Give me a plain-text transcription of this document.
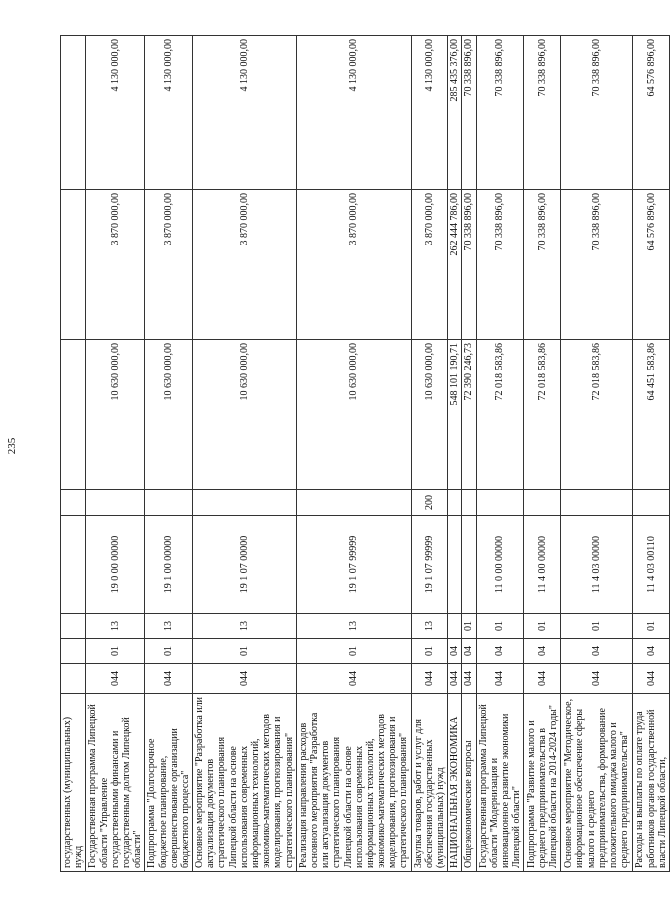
235
государственных (муниципальных) нужд								
Государственная программа Липецкой области "Управление государственными финансами и государственным долгом Липецкой области"	044	01	13	19 0 00 00000		10 630 000,00	3 870 000,00	4 130 000,00
Подпрограмма "Долгосрочное бюджетное планирование, совершенствование организации бюджетного процесса"	044	01	13	19 1 00 00000		10 630 000,00	3 870 000,00	4 130 000,00
Основное мероприятие "Разработка или актуализация документов стратегического планирования Липецкой области на основе использования современных информационных технологий, экономико-математических методов моделирования, прогнозирования и стратегического планирования"	044	01	13	19 1 07 00000		10 630 000,00	3 870 000,00	4 130 000,00
Реализация направления расходов основного мероприятия "Разработка или актуализация документов стратегического планирования Липецкой области на основе использования современных информационных технологий, экономико-математических методов моделирования, прогнозирования и стратегического планирования"	044	01	13	19 1 07 99999		10 630 000,00	3 870 000,00	4 130 000,00
Закупка товаров, работ и услуг для обеспечения государственных (муниципальных) нужд	044	01	13	19 1 07 99999	200	10 630 000,00	3 870 000,00	4 130 000,00
НАЦИОНАЛЬНАЯ ЭКОНОМИКА	044	04				548 101 190,71	262 444 786,00	285 435 376,00
Общеэкономические вопросы	044	04	01			72 390 246,73	70 338 896,00	70 338 896,00
Государственная программа Липецкой области "Модернизация и инновационное развитие экономики Липецкой области"	044	04	01	11 0 00 00000		72 018 583,86	70 338 896,00	70 338 896,00
Подпрограмма "Развитие малого и среднего предпринимательства в Липецкой области на 2014-2024 годы"	044	04	01	11 4 00 00000		72 018 583,86	70 338 896,00	70 338 896,00
Основное мероприятие "Методическое, информационное обеспечение сферы малого и среднего предпринимательства, формирование положительного имиджа малого и среднего предпринимательства"	044	04	01	11 4 03 00000		72 018 583,86	70 338 896,00	70 338 896,00
Расходы на выплаты по оплате труда работников органов государственной власти Липецкой области,	044	04	01	11 4 03 00110		64 451 583,86	64 576 896,00	64 576 896,00
